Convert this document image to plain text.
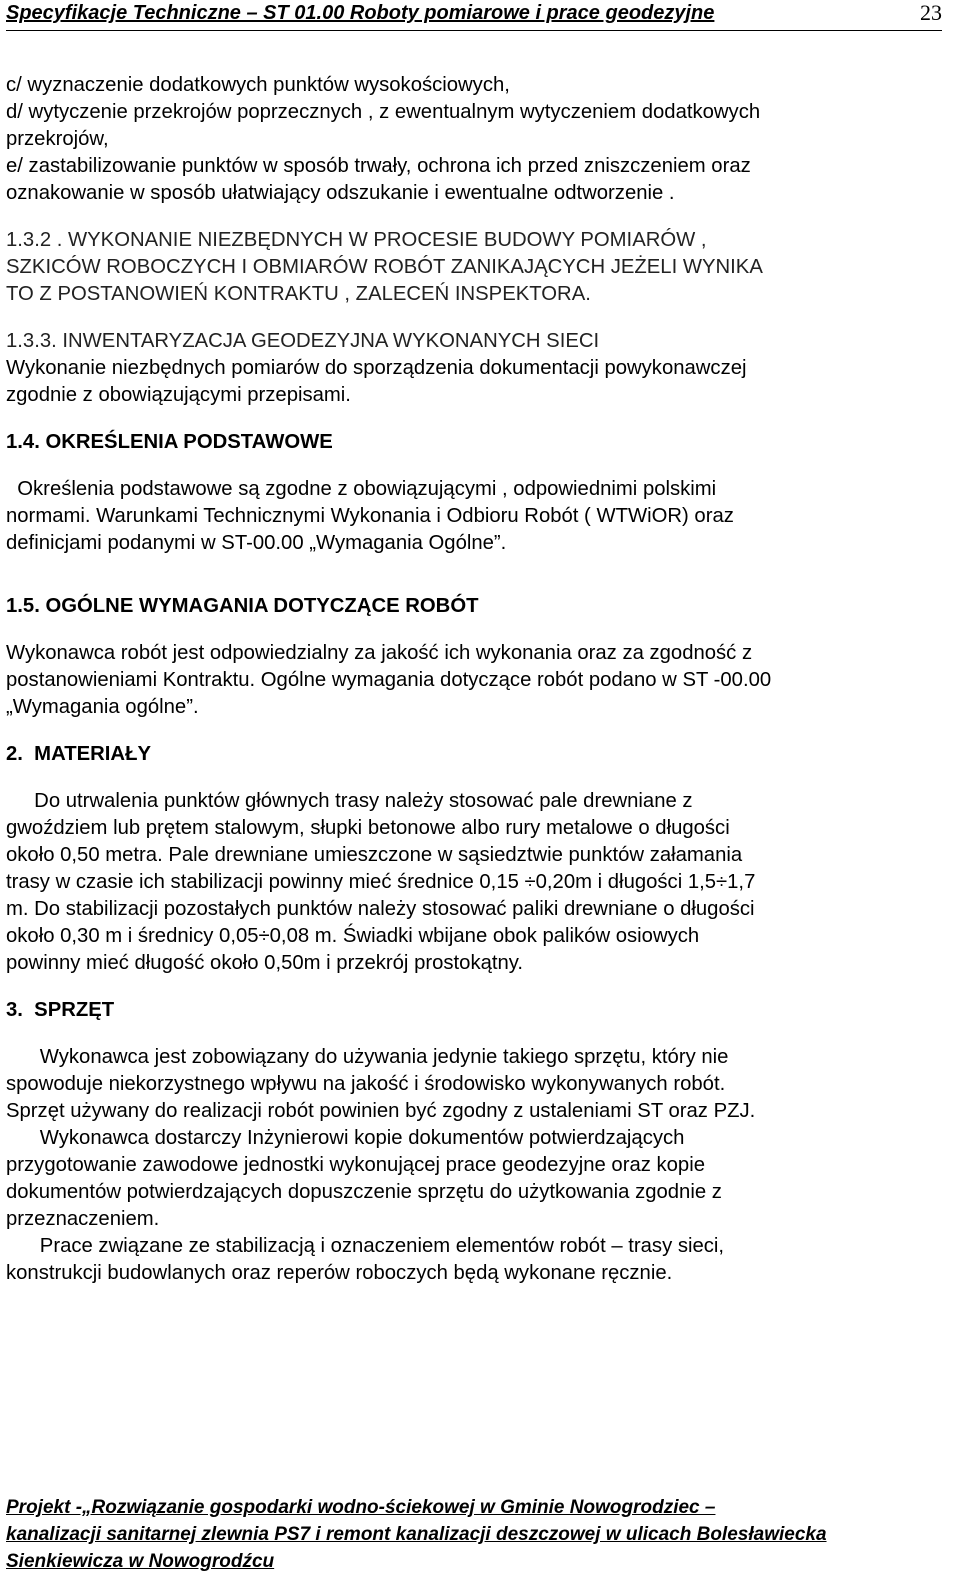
Specyfikacje Techniczne – ST 01.00 Roboty pomiarowe i prace geodezyjne	23
c/ wyznaczenie dodatkowych punktów wysokościowych,
d/ wytyczenie przekrojów poprzecznych , z ewentualnym wytyczeniem dodatkowych
przekrojów,
e/ zastabilizowanie punktów w sposób trwały, ochrona ich przed zniszczeniem oraz
oznakowanie w sposób ułatwiający odszukanie i ewentualne odtworzenie .
1.3.2 . WYKONANIE NIEZBĘDNYCH W PROCESIE BUDOWY POMIARÓW ,
SZKICÓW ROBOCZYCH I OBMIARÓW ROBÓT ZANIKAJĄCYCH JEŻELI WYNIKA
TO Z POSTANOWIEŃ KONTRAKTU , ZALECEŃ INSPEKTORA.
1.3.3. INWENTARYZACJA GEODEZYJNA WYKONANYCH SIECI
Wykonanie niezbędnych pomiarów do sporządzenia dokumentacji powykonawczej
zgodnie z obowiązującymi przepisami.
1.4. OKREŚLENIA PODSTAWOWE
Określenia podstawowe są zgodne z obowiązującymi , odpowiednimi polskimi
normami. Warunkami Technicznymi Wykonania i Odbioru Robót ( WTWiOR) oraz
definicjami podanymi w ST-00.00 „Wymagania Ogólne”.
1.5. OGÓLNE WYMAGANIA DOTYCZĄCE ROBÓT
Wykonawca robót jest odpowiedzialny za jakość ich wykonania oraz za zgodność z
postanowieniami Kontraktu. Ogólne wymagania dotyczące robót podano w ST -00.00
„Wymagania ogólne”.
2.  MATERIAŁY
Do utrwalenia punktów głównych trasy należy stosować pale drewniane z
gwoździem lub prętem stalowym, słupki betonowe albo rury metalowe o długości
około 0,50 metra. Pale drewniane umieszczone w sąsiedztwie punktów załamania
trasy w czasie ich stabilizacji powinny mieć średnice 0,15 ÷0,20m i długości 1,5÷1,7
m. Do stabilizacji pozostałych punktów należy stosować paliki drewniane o długości
około 0,30 m i średnicy 0,05÷0,08 m. Świadki wbijane obok palików osiowych
powinny mieć długość około 0,50m i przekrój prostokątny.
3.  SPRZĘT
Wykonawca jest zobowiązany do używania jedynie takiego sprzętu, który nie
spowoduje niekorzystnego wpływu na jakość i środowisko wykonywanych robót.
Sprzęt używany do realizacji robót powinien być zgodny z ustaleniami ST oraz PZJ.
Wykonawca dostarczy Inżynierowi kopie dokumentów potwierdzających
przygotowanie zawodowe jednostki wykonującej prace geodezyjne oraz kopie
dokumentów potwierdzających dopuszczenie sprzętu do użytkowania zgodnie z
przeznaczeniem.
Prace związane ze stabilizacją i oznaczeniem elementów robót – trasy sieci,
konstrukcji budowlanych oraz reperów roboczych będą wykonane ręcznie.
Projekt -„Rozwiązanie gospodarki wodno-ściekowej w Gminie Nowogrodziec –
kanalizacji sanitarnej zlewnia PS7 i remont kanalizacji deszczowej w ulicach Bolesławiecka
Sienkiewicza w Nowogrodźcu
